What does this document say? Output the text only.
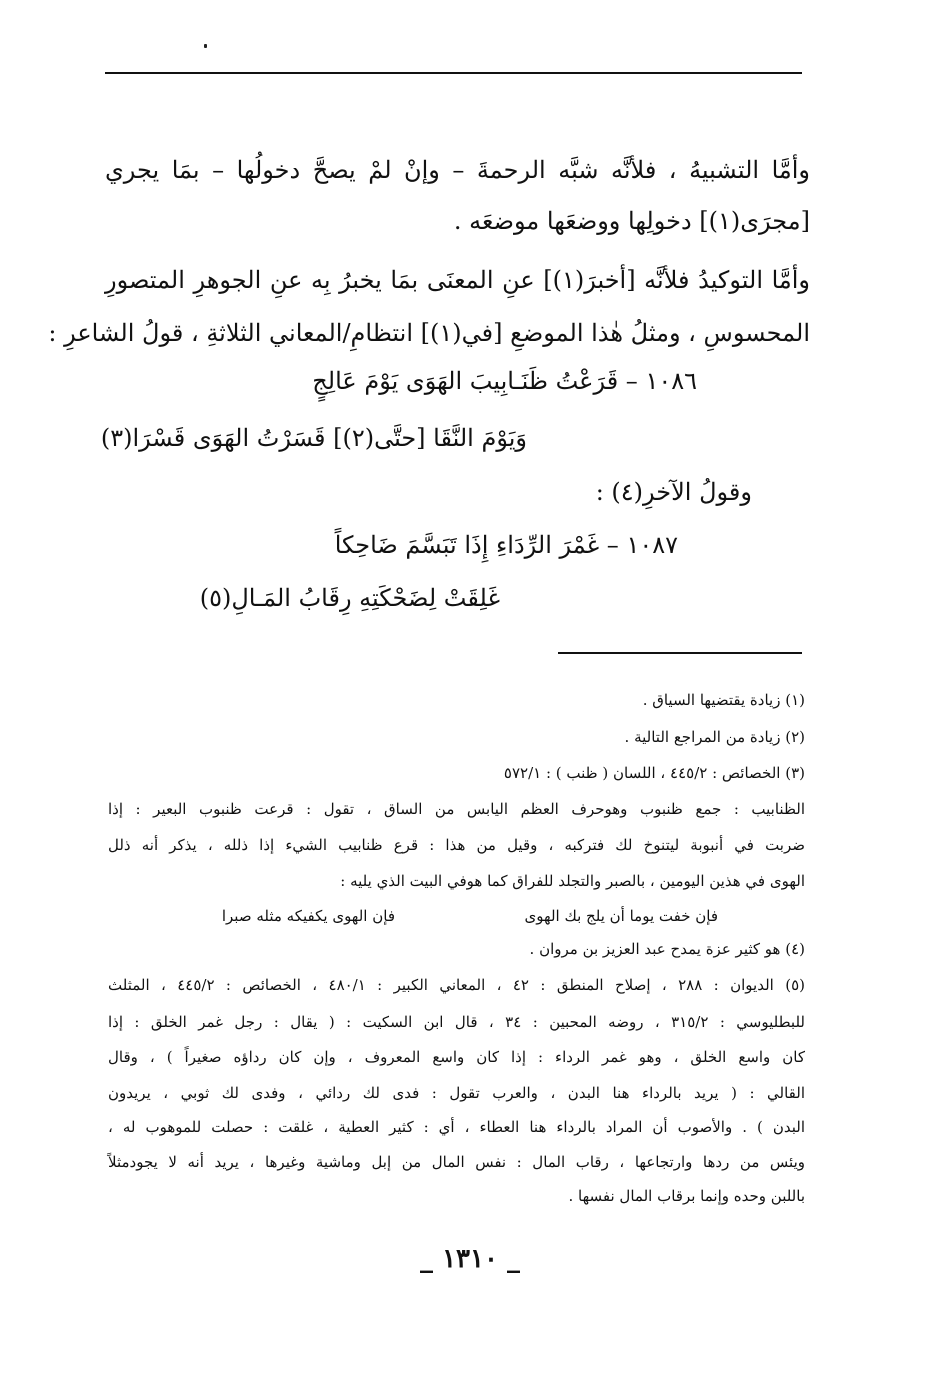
وأمَّا التشبيهُ ، فلأنَّه شبَّه الرحمةَ – وإنْ لمْ يصحَّ دخولُها – بمَا يجري
[مجرَى(١)] دخولِها ووضعَها موضعَه .
وأمَّا التوكيدُ فلأنَّه [أخبرَ(١)] عنِ المعنَى بمَا يخبرُ بِه عنِ الجوهرِ المتصورِ
المحسوسِ ، ومثلُ هٰذا الموضعِ [في(١)] انتظامِ/المعاني الثلاثةِ ، قولُ الشاعرِ :
١٠٨٦ – قَرَعْتُ ظَنَـابِيبَ الهَوَى يَوْمَ عَالِجٍ
وَيَوْمَ النَّقَا [حتَّى(٢)] قَسَرْتُ الهَوَى قَسْرَا(٣)
وقولُ الآخرِ(٤) :
١٠٨٧ – غَمْرَ الرِّدَاءِ إِذَا تَبَسَّمَ ضَاحِكاً
غَلِقَتْ لِضَحْكَتِهِ رِقَابُ المَـالِ(٥)
(١) زيادة يقتضيها السياق .
(٢) زيادة من المراجع التالية .
(٣) الخصائص : ٤٤٥/٢ ، اللسان ( ظنب ) : ٥٧٢/١
الظنابيب : جمع ظنبوب وهوحرف العظم اليابس من الساق ، تقول : قرعت ظنبوب البعير : إذا
ضربت في أنبوبة ليتنوخ لك فتركبه ، وقيل من هذا : قرع ظنابيب الشيء إذا ذلله ، يذكر أنه ذلل
الهوى في هذين اليومين ، بالصبر والتجلد للفراق كما هوفي البيت الذي يليه :
فإن خفت يوما أن يلج بك الهوى
فإن الهوى يكفيكه مثله صبرا
(٤) هو كثير عزة يمدح عبد العزيز بن مروان .
(٥) الديوان : ٢٨٨ ، إصلاح المنطق : ٤٢ ، المعاني الكبير : ٤٨٠/١ ، الخصائص : ٤٤٥/٢ ، المثلث
للبطليوسي : ٣١٥/٢ ، روضه المحبين : ٣٤ ، قال ابن السكيت : ( يقال : رجل غمر الخلق : إذا
كان واسع الخلق ، وهو غمر الرداء : إذا كان واسع المعروف ، وإن كان رداؤه صغيراً ) ، وقال
القالي : ( يريد بالرداء هنا البدن ، والعرب تقول : فدى لك ردائي ، وفدى لك ثوبي ، يريدون
البدن ) . والأصوب أن المراد بالرداء هنا العطاء ، أي : كثير العطية ، غلقت : حصلت للموهوب له ،
ويئس من ردها وارتجاعها ، رقاب المال : نفس المال من إبل وماشية وغيرها ، يريد أنه لا يجودمثلاً
باللبن وحده وإنما برقاب المال نفسها .
_ ١٣١٠ _
